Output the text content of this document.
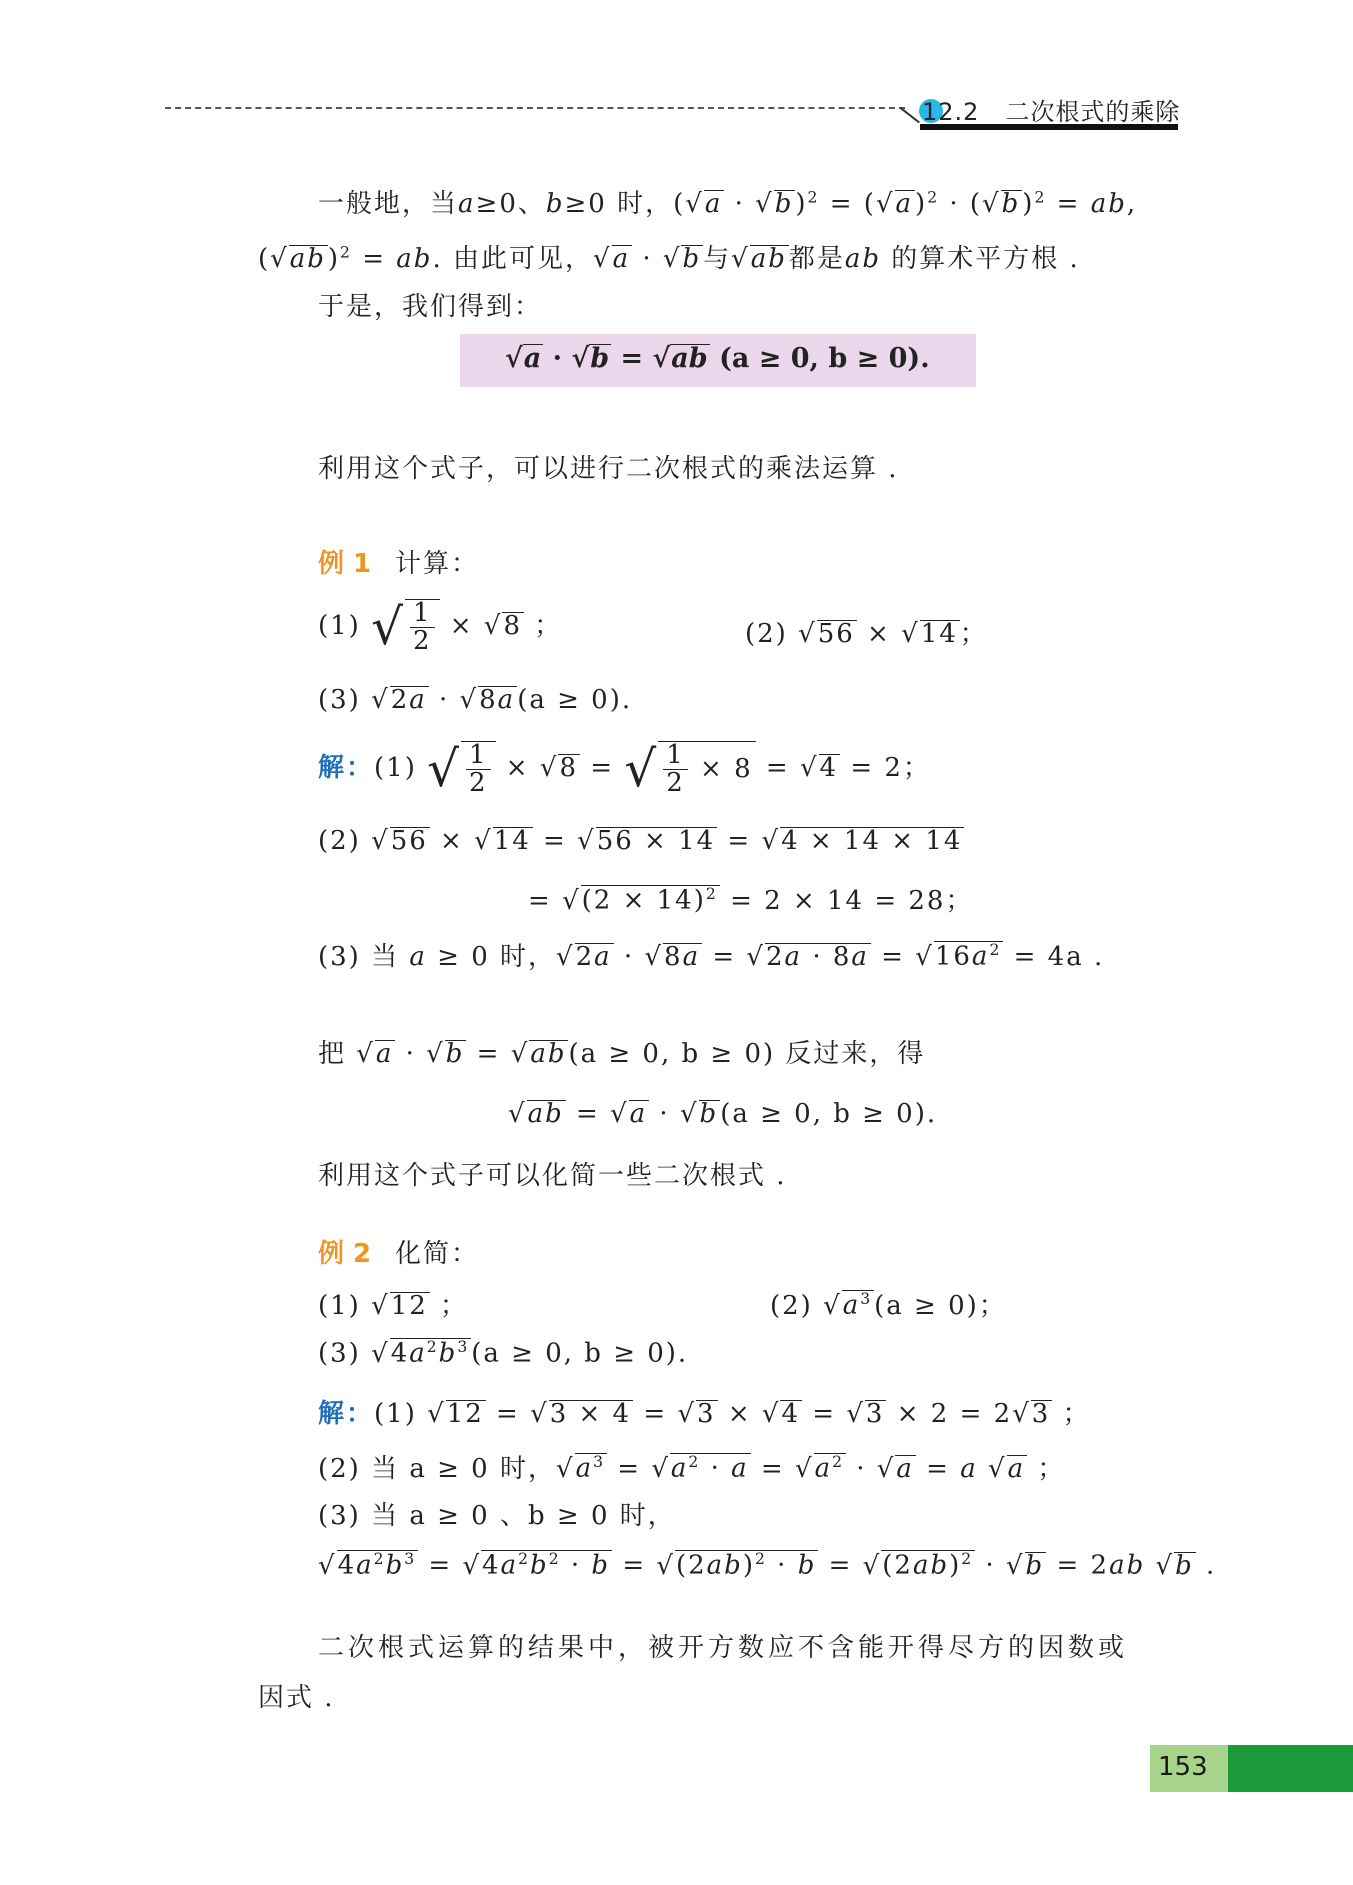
12.2 二次根式的乘除
一般地，当a≥0、b≥0 时，$(√a \cdot √b)^2 = (√a)^2 \cdot (√b)^2$ = ab,
$(√ab)^2$ = ab. 由此可见，√a · √b与√ab都是ab 的算术平方根 .
于是，我们得到：
√a · √b = √ab (a ≥ 0, b ≥ 0).
利用这个式子，可以进行二次根式的乘法运算 .
例 1 计算：
(1) √ $\frac{1}{2} \times √8$ ；	(2) √56 × √14；
(3) √2a · √8a(a ≥ 0).
解：(1) √ $\frac{1}{2} \times √8$ = √ $\frac{1}{2} \times 8 = √4 = 2$；
(2) √56 × √14 = √56 × 14 = √4 × 14 × 14
= $√(2 \times 14)^2 = 2 \times 14 = 28$；
(3) 当 a ≥ 0 时，$√2a \cdot √8a = √2a \cdot 8a = √16a^2 = 4a$ .
把 √a · √b = √ab(a ≥ 0, b ≥ 0) 反过来，得
√ab = √a · √b(a ≥ 0, b ≥ 0).
利用这个式子可以化简一些二次根式 .
例 2 化简：
(1) √12 ；	(2) $√a^3(a \ge 0)$；
(3) $√4a^2b^3(a \ge 0$, b ≥ 0).
解：(1) √12 = √3 × 4 = √3 × √4 = √3 × 2 = 2√3 ；
(2) 当 a ≥ 0 时，$√a^3 = √a^2 \cdot a = √a^2 \cdot √a = a$ √a ；
(3) 当 a ≥ 0 、b ≥ 0 时，
$√4a^2b^3 = √4a^2b^2 \cdot b = √(2ab)^2 \cdot b = √(2ab)^2 \cdot √b = 2ab$ √b .
二次根式运算的结果中，被开方数应不含能开得尽方的因数或
因式 .
153
